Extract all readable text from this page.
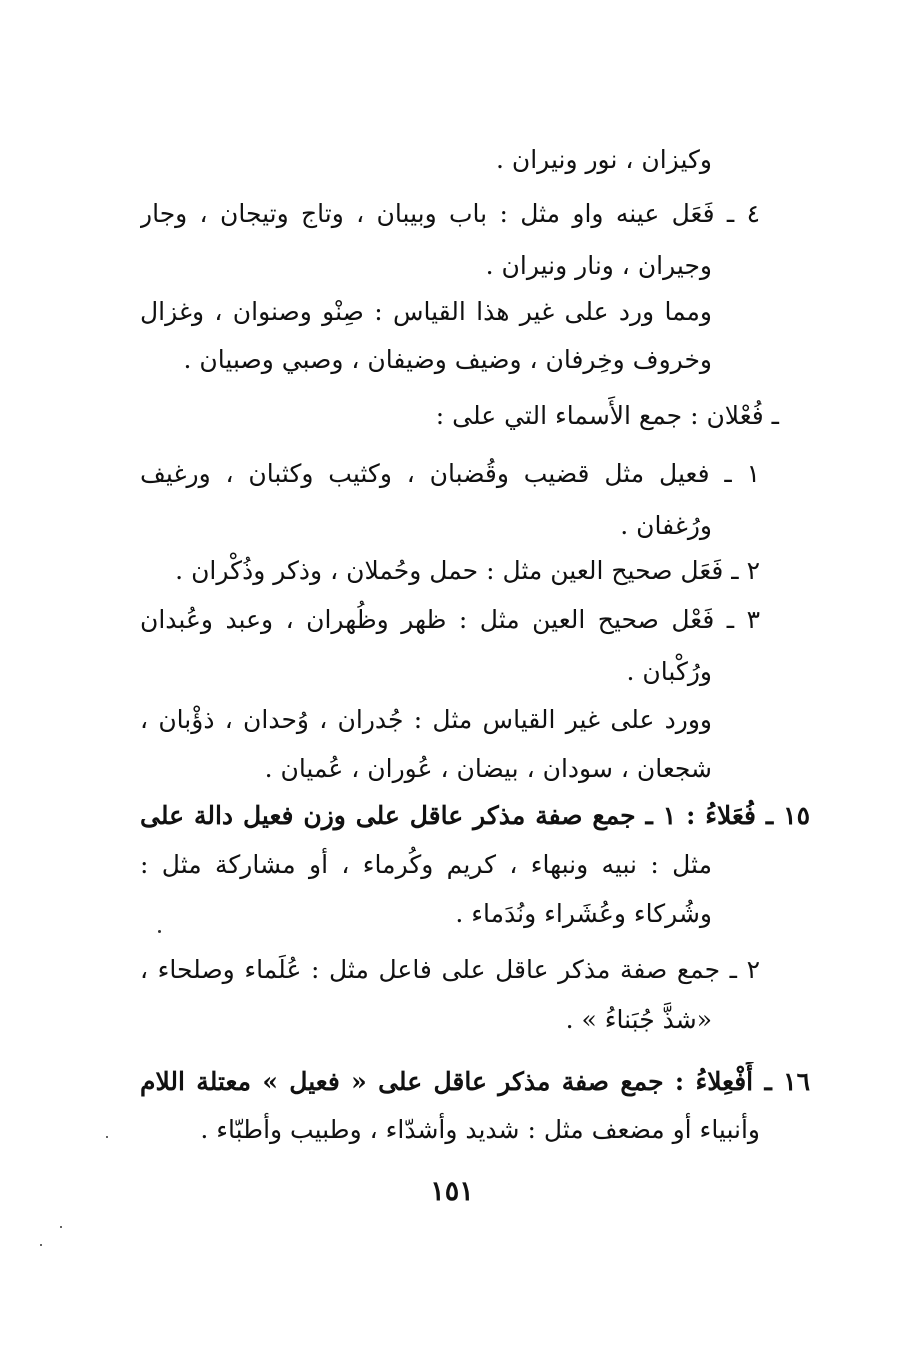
وكيزان ، نور ونيران .
٤ ـ فَعَل عينه واو مثل : باب وبيبان ، وتاج وتيجان ، وجار
وجيران ، ونار ونيران .
ومما ورد على غير هذا القياس : صِنْو وصنوان ، وغزال
وخروف وخِرفان ، وضيف وضيفان ، وصبي وصبيان .
ـ فُعْلان : جمع الأَسماء التي على :
١ ـ فعيل مثل قضيب وقُضبان ، وكثيب وكثبان ، ورغيف
ورُغفان .
٢ ـ فَعَل صحيح العين مثل : حمل وحُملان ، وذكر وذُكْران .
٣ ـ فَعْل صحيح العين مثل : ظهر وظُهران ، وعبد وعُبدان
ورُكْبان .
وورد على غير القياس مثل : جُدران ، وُحدان ، ذؤْبان ،
شجعان ، سودان ، بيضان ، عُوران ، عُميان .
١٥ ـ فُعَلاءُ : ١ ـ جمع صفة مذكر عاقل على وزن فعيل دالة على
مثل : نبيه ونبهاء ، كريم وكُرماء ، أو مشاركة مثل :
وشُركاء وعُشَراء ونُدَماء .
٢ ـ جمع صفة مذكر عاقل على فاعل مثل : عُلَماء وصلحاء ،
«شذَّ جُبَناءُ » .
١٦ ـ أَفْعِلاءُ : جمع صفة مذكر عاقل على « فعيل » معتلة اللام
وأنبياء أو مضعف مثل : شديد وأشدّاء ، وطبيب وأطبّاء .
١٥١
